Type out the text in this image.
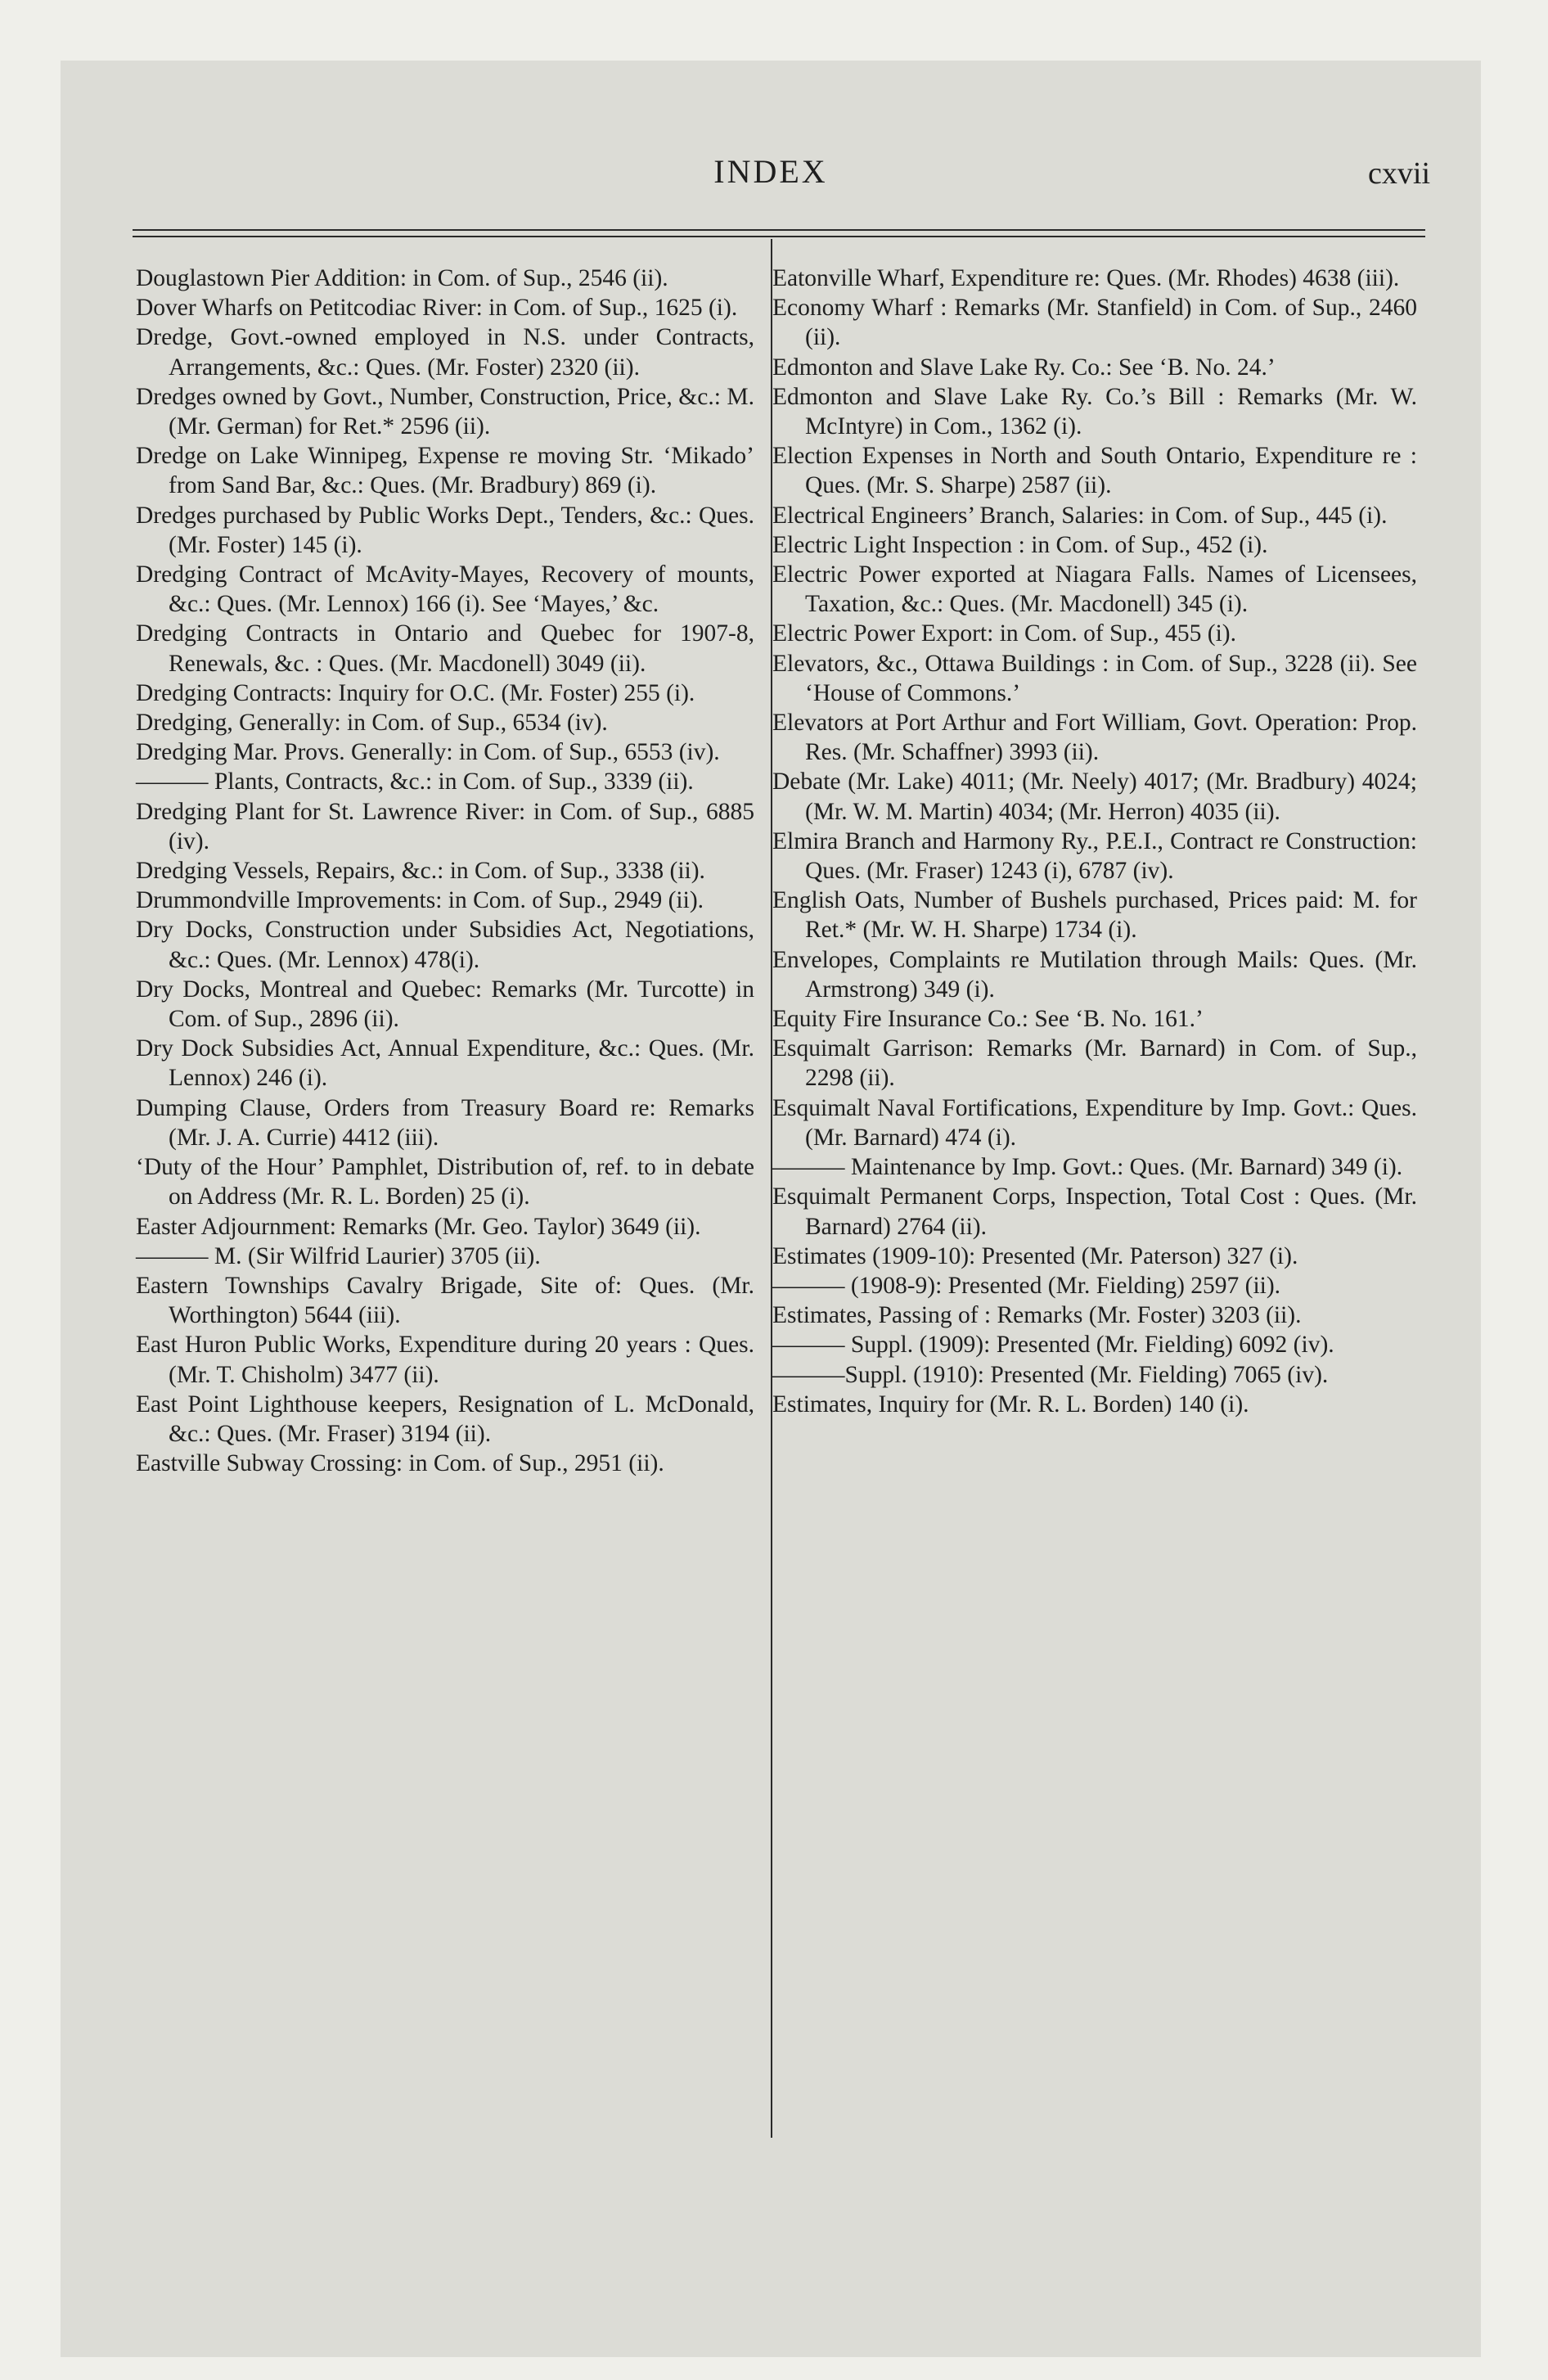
INDEX	cxvii

Douglastown Pier Addition: in Com. of Sup., 2546 (ii).

Dover Wharfs on Petitcodiac River: in Com. of Sup., 1625 (i).

Dredge, Govt.-owned employed in N.S. under Contracts, Arrangements, &c.: Ques. (Mr. Foster) 2320 (ii).

Dredges owned by Govt., Number, Construction, Price, &c.: M. (Mr. German) for Ret.* 2596 (ii).

Dredge on Lake Winnipeg, Expense re moving Str. ‘Mikado’ from Sand Bar, &c.: Ques. (Mr. Bradbury) 869 (i).

Dredges purchased by Public Works Dept., Tenders, &c.: Ques. (Mr. Foster) 145 (i).

Dredging Contract of McAvity-Mayes, Recovery of mounts, &c.: Ques. (Mr. Lennox) 166 (i). See ‘Mayes,’ &c.

Dredging Contracts in Ontario and Quebec for 1907-8, Renewals, &c. : Ques. (Mr. Macdonell) 3049 (ii).

Dredging Contracts: Inquiry for O.C. (Mr. Foster) 255 (i).

Dredging, Generally: in Com. of Sup., 6534 (iv).

Dredging Mar. Provs. Generally: in Com. of Sup., 6553 (iv).

——— Plants, Contracts, &c.: in Com. of Sup., 3339 (ii).

Dredging Plant for St. Lawrence River: in Com. of Sup., 6885 (iv).

Dredging Vessels, Repairs, &c.: in Com. of Sup., 3338 (ii).

Drummondville Improvements: in Com. of Sup., 2949 (ii).

Dry Docks, Construction under Subsidies Act, Negotiations, &c.: Ques. (Mr. Lennox) 478(i).

Dry Docks, Montreal and Quebec: Remarks (Mr. Turcotte) in Com. of Sup., 2896 (ii).

Dry Dock Subsidies Act, Annual Expenditure, &c.: Ques. (Mr. Lennox) 246 (i).

Dumping Clause, Orders from Treasury Board re: Remarks (Mr. J. A. Currie) 4412 (iii).

‘Duty of the Hour’ Pamphlet, Distribution of, ref. to in debate on Address (Mr. R. L. Borden) 25 (i).

Easter Adjournment: Remarks (Mr. Geo. Taylor) 3649 (ii).

——— M. (Sir Wilfrid Laurier) 3705 (ii).

Eastern Townships Cavalry Brigade, Site of: Ques. (Mr. Worthington) 5644 (iii).

East Huron Public Works, Expenditure during 20 years : Ques. (Mr. T. Chisholm) 3477 (ii).

East Point Lighthouse keepers, Resignation of L. McDonald, &c.: Ques. (Mr. Fraser) 3194 (ii).

Eastville Subway Crossing: in Com. of Sup., 2951 (ii).

Eatonville Wharf, Expenditure re: Ques. (Mr. Rhodes) 4638 (iii).

Economy Wharf : Remarks (Mr. Stanfield) in Com. of Sup., 2460 (ii).

Edmonton and Slave Lake Ry. Co.: See ‘B. No. 24.’

Edmonton and Slave Lake Ry. Co.’s Bill : Remarks (Mr. W. McIntyre) in Com., 1362 (i).

Election Expenses in North and South Ontario, Expenditure re : Ques. (Mr. S. Sharpe) 2587 (ii).

Electrical Engineers’ Branch, Salaries: in Com. of Sup., 445 (i).

Electric Light Inspection : in Com. of Sup., 452 (i).

Electric Power exported at Niagara Falls. Names of Licensees, Taxation, &c.: Ques. (Mr. Macdonell) 345 (i).

Electric Power Export: in Com. of Sup., 455 (i).

Elevators, &c., Ottawa Buildings : in Com. of Sup., 3228 (ii). See ‘House of Commons.’

Elevators at Port Arthur and Fort William, Govt. Operation: Prop. Res. (Mr. Schaffner) 3993 (ii).

Debate (Mr. Lake) 4011; (Mr. Neely) 4017; (Mr. Bradbury) 4024; (Mr. W. M. Martin) 4034; (Mr. Herron) 4035 (ii).

Elmira Branch and Harmony Ry., P.E.I., Contract re Construction: Ques. (Mr. Fraser) 1243 (i), 6787 (iv).

English Oats, Number of Bushels purchased, Prices paid: M. for Ret.* (Mr. W. H. Sharpe) 1734 (i).

Envelopes, Complaints re Mutilation through Mails: Ques. (Mr. Armstrong) 349 (i).

Equity Fire Insurance Co.: See ‘B. No. 161.’

Esquimalt Garrison: Remarks (Mr. Barnard) in Com. of Sup., 2298 (ii).

Esquimalt Naval Fortifications, Expenditure by Imp. Govt.: Ques. (Mr. Barnard) 474 (i).

——— Maintenance by Imp. Govt.: Ques. (Mr. Barnard) 349 (i).

Esquimalt Permanent Corps, Inspection, Total Cost : Ques. (Mr. Barnard) 2764 (ii).

Estimates (1909-10): Presented (Mr. Paterson) 327 (i).

——— (1908-9): Presented (Mr. Fielding) 2597 (ii).

Estimates, Passing of : Remarks (Mr. Foster) 3203 (ii).

——— Suppl. (1909): Presented (Mr. Fielding) 6092 (iv).

———Suppl. (1910): Presented (Mr. Fielding) 7065 (iv).

Estimates, Inquiry for (Mr. R. L. Borden) 140 (i).
